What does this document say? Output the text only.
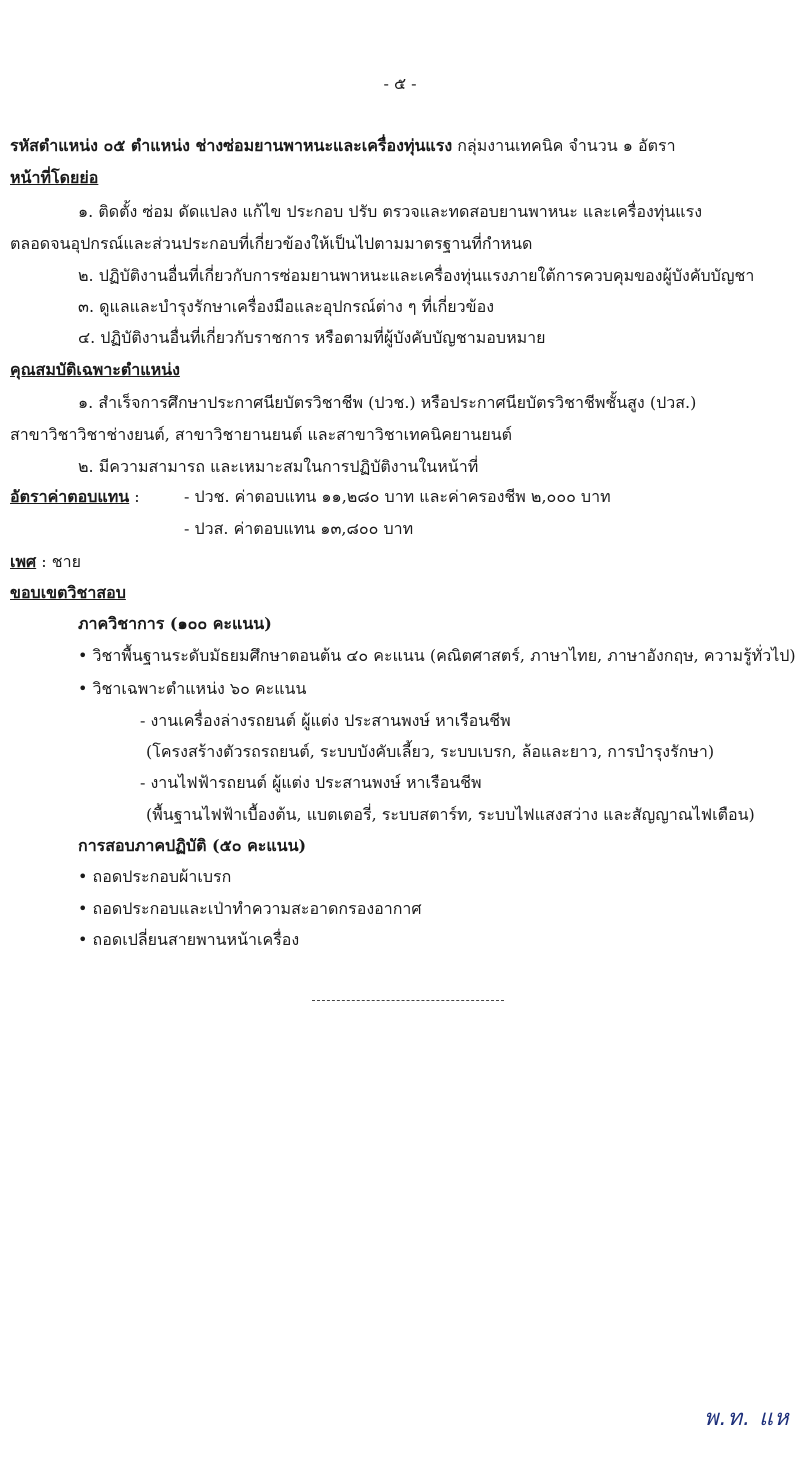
- ๕ -
รหัสตำแหน่ง ๐๕ ตำแหน่ง ช่างซ่อมยานพาหนะและเครื่องทุ่นแรง กลุ่มงานเทคนิค จำนวน ๑ อัตรา
หน้าที่โดยย่อ
๑. ติดตั้ง ซ่อม ดัดแปลง แก้ไข ประกอบ ปรับ ตรวจและทดสอบยานพาหนะ และเครื่องทุ่นแรง
ตลอดจนอุปกรณ์และส่วนประกอบที่เกี่ยวข้องให้เป็นไปตามมาตรฐานที่กำหนด
๒. ปฏิบัติงานอื่นที่เกี่ยวกับการซ่อมยานพาหนะและเครื่องทุ่นแรงภายใต้การควบคุมของผู้บังคับบัญชา
๓. ดูแลและบำรุงรักษาเครื่องมือและอุปกรณ์ต่าง ๆ ที่เกี่ยวข้อง
๔. ปฏิบัติงานอื่นที่เกี่ยวกับราชการ หรือตามที่ผู้บังคับบัญชามอบหมาย
คุณสมบัติเฉพาะตำแหน่ง
๑. สำเร็จการศึกษาประกาศนียบัตรวิชาชีพ (ปวช.) หรือประกาศนียบัตรวิชาชีพชั้นสูง (ปวส.)
สาขาวิชาวิชาช่างยนต์, สาขาวิชายานยนต์ และสาขาวิชาเทคนิคยานยนต์
๒. มีความสามารถ และเหมาะสมในการปฏิบัติงานในหน้าที่
อัตราค่าตอบแทน :	- ปวช. ค่าตอบแทน ๑๑,๒๘๐ บาท และค่าครองชีพ ๒,๐๐๐ บาท
- ปวส. ค่าตอบแทน ๑๓,๘๐๐ บาท
เพศ : ชาย
ขอบเขตวิชาสอบ
ภาควิชาการ (๑๐๐ คะแนน)
• วิชาพื้นฐานระดับมัธยมศึกษาตอนต้น ๔๐ คะแนน (คณิตศาสตร์, ภาษาไทย, ภาษาอังกฤษ, ความรู้ทั่วไป)
• วิชาเฉพาะตำแหน่ง ๖๐ คะแนน
- งานเครื่องล่างรถยนต์ ผู้แต่ง ประสานพงษ์ หาเรือนชีพ
(โครงสร้างตัวรถรถยนต์, ระบบบังคับเลี้ยว, ระบบเบรก, ล้อและยาว, การบำรุงรักษา)
- งานไฟฟ้ารถยนต์ ผู้แต่ง ประสานพงษ์ หาเรือนชีพ
(พื้นฐานไฟฟ้าเบื้องต้น, แบตเตอรี่, ระบบสตาร์ท, ระบบไฟแสงสว่าง และสัญญาณไฟเตือน)
การสอบภาคปฏิบัติ (๕๐ คะแนน)
• ถอดประกอบผ้าเบรก
• ถอดประกอบและเป่าทำความสะอาดกรองอากาศ
• ถอดเปลี่ยนสายพานหน้าเครื่อง
พ.ท. แห
